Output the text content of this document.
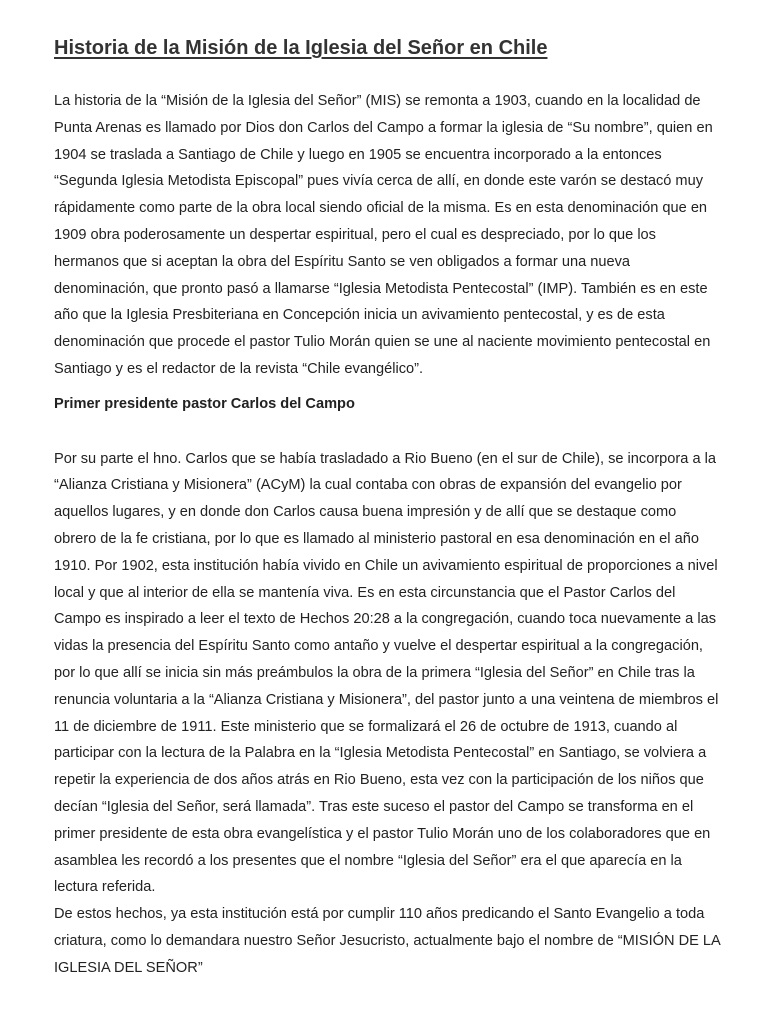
Historia de la Misión de la Iglesia del Señor en Chile

La historia de la “Misión de la Iglesia del Señor” (MIS) se remonta a 1903, cuando en la localidad de Punta Arenas es llamado por Dios don Carlos del Campo a formar la iglesia de “Su nombre”, quien en 1904 se traslada a Santiago de Chile y luego en 1905 se encuentra incorporado a la entonces “Segunda Iglesia Metodista Episcopal” pues vivía cerca de allí, en donde este varón se destacó muy rápidamente como parte de la obra local siendo oficial de la misma. Es en esta denominación que en 1909 obra poderosamente un despertar espiritual, pero el cual es despreciado, por lo que los hermanos que si aceptan la obra del Espíritu Santo se ven obligados a formar una nueva denominación, que pronto pasó a llamarse “Iglesia Metodista Pentecostal” (IMP). También es en este año que la Iglesia Presbiteriana en Concepción inicia un avivamiento pentecostal, y es de esta denominación que procede el pastor Tulio Morán quien se une al naciente movimiento pentecostal en Santiago y es el redactor de la revista “Chile evangélico”.

Primer presidente pastor Carlos del Campo

Por su parte el hno. Carlos que se había trasladado a Rio Bueno (en el sur de Chile), se incorpora a la “Alianza Cristiana y Misionera” (ACyM) la cual contaba con obras de expansión del evangelio por aquellos lugares, y en donde don Carlos causa buena impresión y de allí que se destaque como obrero de la fe cristiana, por lo que es llamado al ministerio pastoral en esa denominación en el año 1910. Por 1902, esta institución había vivido en Chile un avivamiento espiritual de proporciones a nivel local y que al interior de ella se mantenía viva. Es en esta circunstancia que el Pastor Carlos del Campo es inspirado a leer el texto de Hechos 20:28 a la congregación, cuando toca nuevamente a las vidas la presencia del Espíritu Santo como antaño y vuelve el despertar espiritual a la congregación, por lo que allí se inicia sin más preámbulos la obra de la primera “Iglesia del Señor” en Chile tras la renuncia voluntaria a la “Alianza Cristiana y Misionera”, del pastor junto a una veintena de miembros el 11 de diciembre de 1911. Este ministerio que se formalizará el 26 de octubre de 1913, cuando al participar con la lectura de la Palabra en la “Iglesia Metodista Pentecostal” en Santiago, se volviera a repetir la experiencia de dos años atrás en Rio Bueno, esta vez con la participación de los niños que decían “Iglesia del Señor, será llamada”. Tras este suceso el pastor del Campo se transforma en el primer presidente de esta obra evangelística y el pastor Tulio Morán uno de los colaboradores que en asamblea les recordó a los presentes que el nombre “Iglesia del Señor” era el que aparecía en la lectura referida.

De estos hechos, ya esta institución está por cumplir 110 años predicando el Santo Evangelio a toda criatura, como lo demandara nuestro Señor Jesucristo, actualmente bajo el nombre de “MISIÓN DE LA IGLESIA DEL SEÑOR”
